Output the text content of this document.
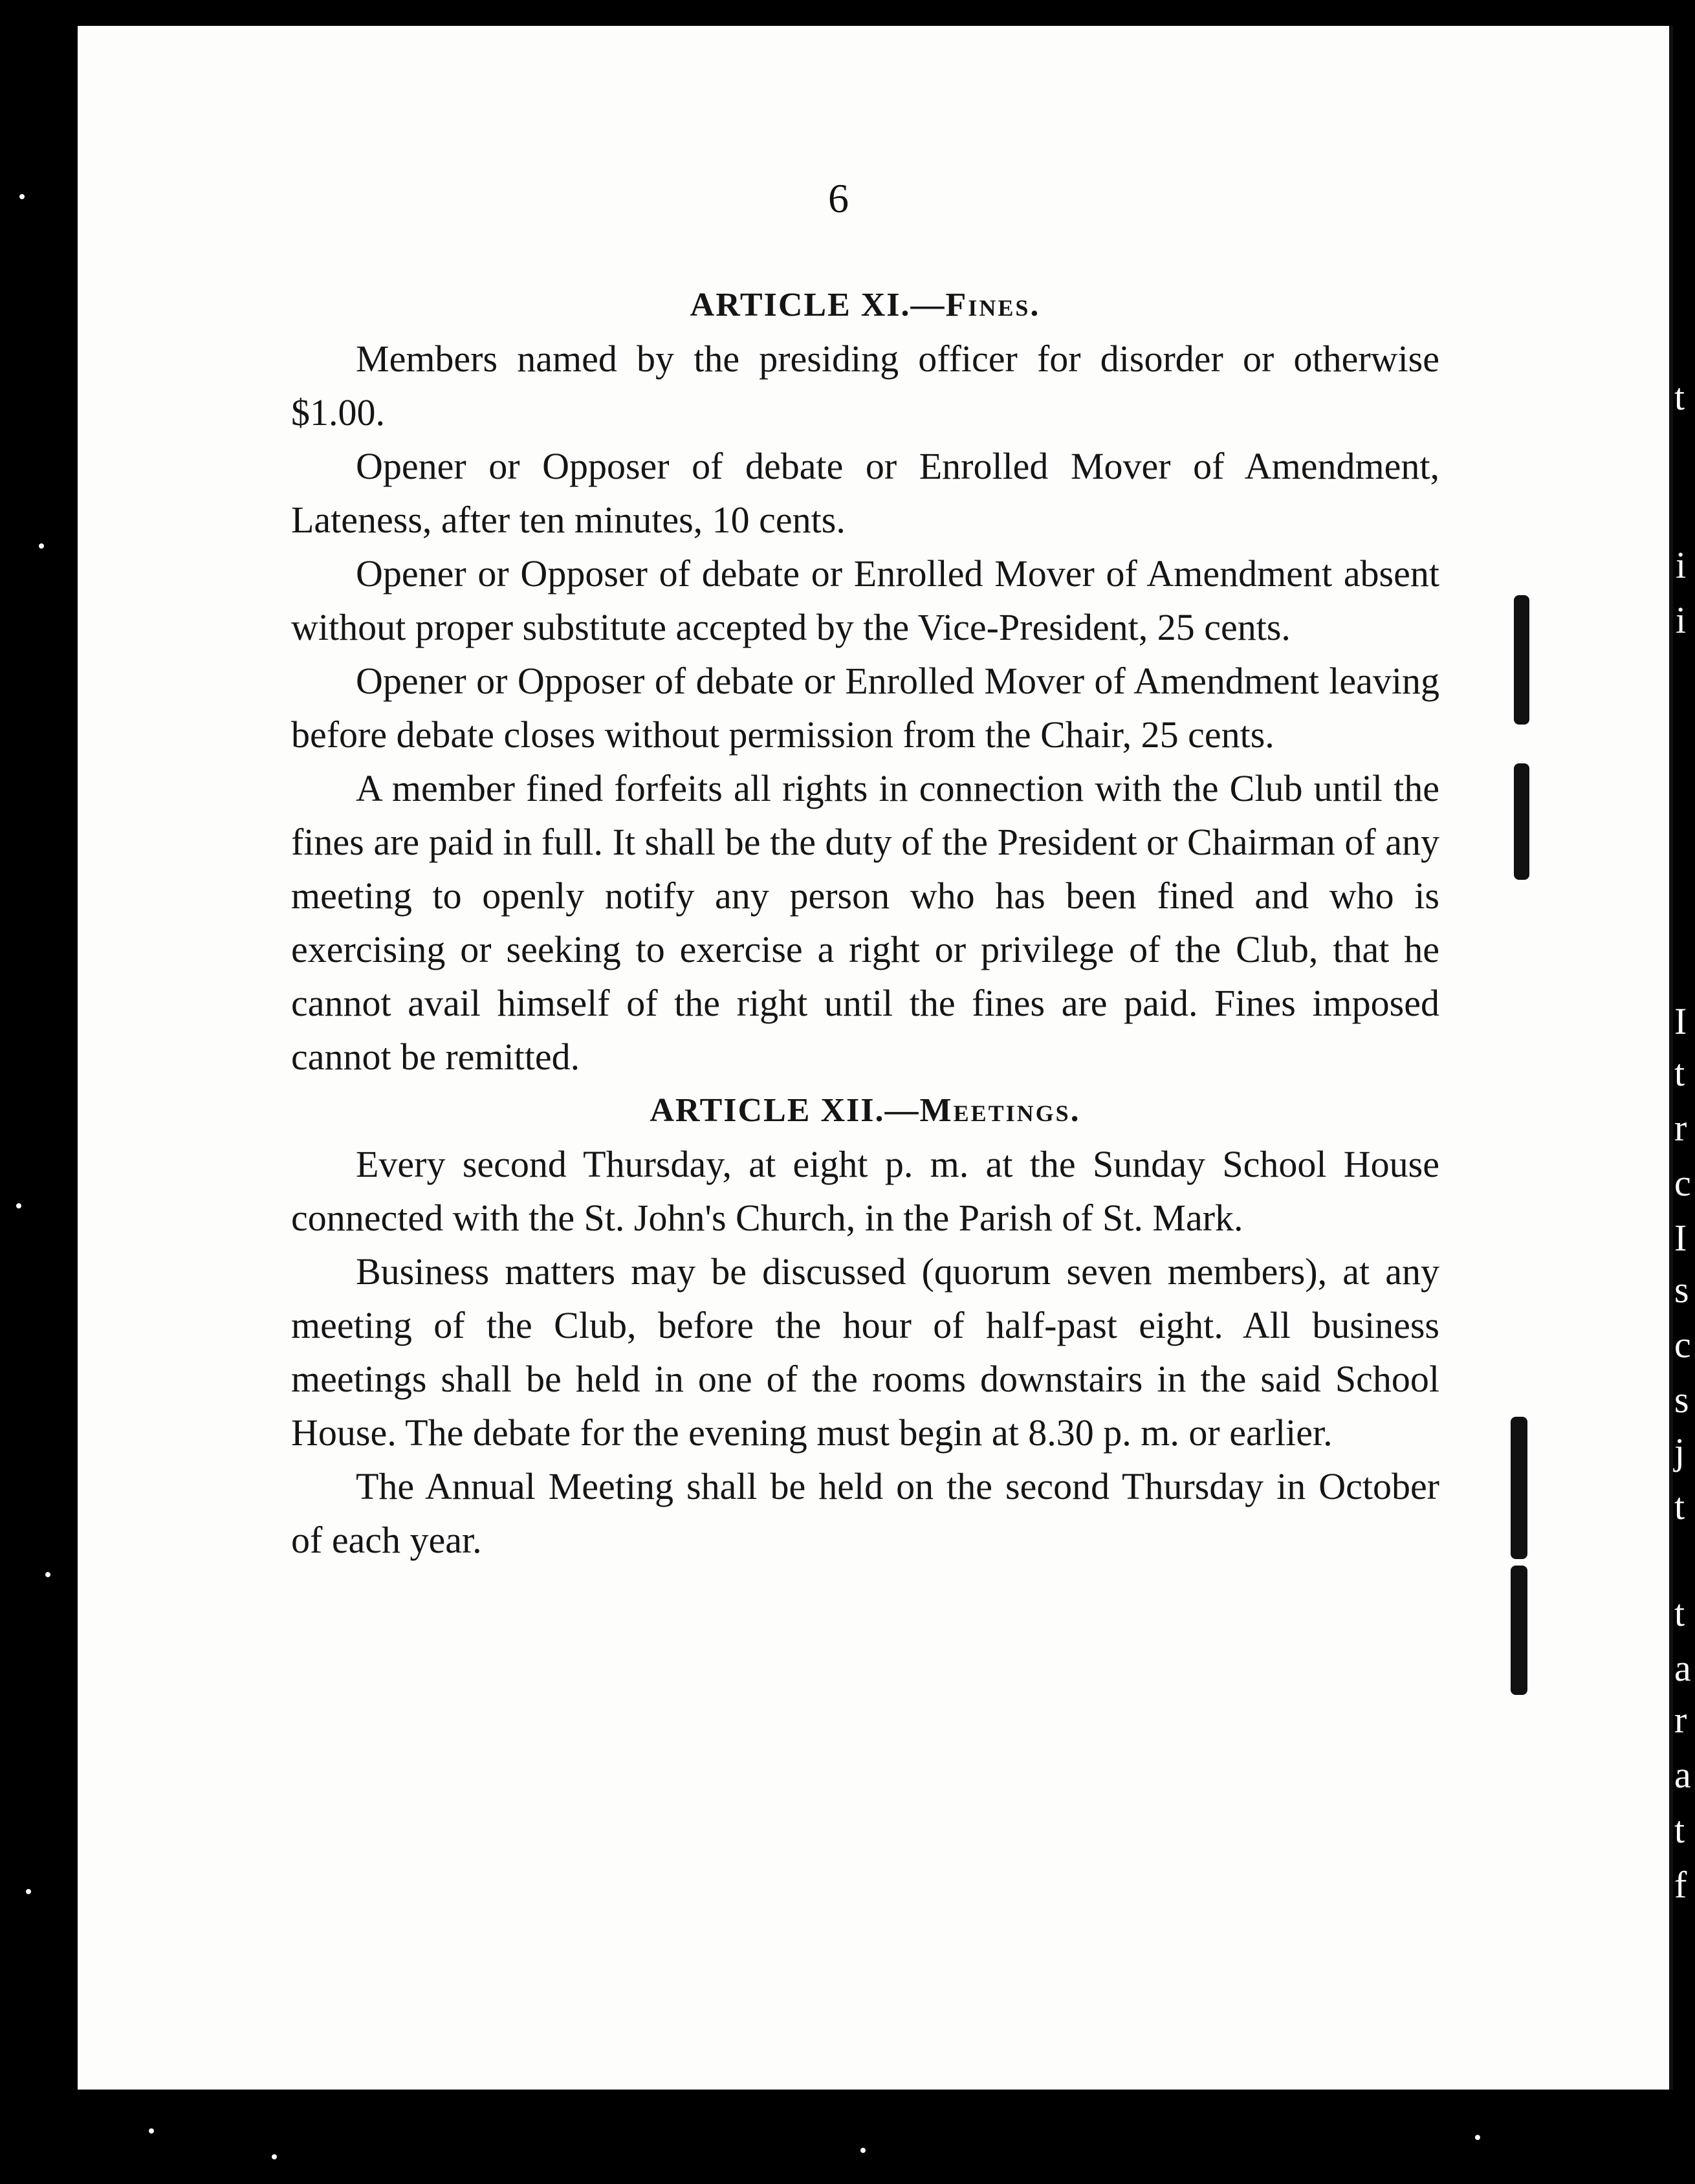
6
ARTICLE XI.—Fines.

Members named by the presiding officer for disorder or otherwise $1.00.

Opener or Opposer of debate or Enrolled Mover of Amendment, Lateness, after ten minutes, 10 cents.

Opener or Opposer of debate or Enrolled Mover of Amendment absent without proper substitute accepted by the Vice-President, 25 cents.

Opener or Opposer of debate or Enrolled Mover of Amendment leaving before debate closes without permission from the Chair, 25 cents.

A member fined forfeits all rights in connection with the Club until the fines are paid in full. It shall be the duty of the President or Chairman of any meeting to openly notify any person who has been fined and who is exercising or seeking to exercise a right or privilege of the Club, that he cannot avail himself of the right until the fines are paid. Fines imposed cannot be remitted.

ARTICLE XII.—Meetings.

Every second Thursday, at eight p. m. at the Sunday School House connected with the St. John's Church, in the Parish of St. Mark.

Business matters may be discussed (quorum seven members), at any meeting of the Club, before the hour of half-past eight. All business meetings shall be held in one of the rooms downstairs in the said School House. The debate for the evening must begin at 8.30 p. m. or earlier.

The Annual Meeting shall be held on the second Thursday in October of each year.

t
i
i
I
t
r
c
I
s
c
s
j
t
t
a
r
a
t
f
